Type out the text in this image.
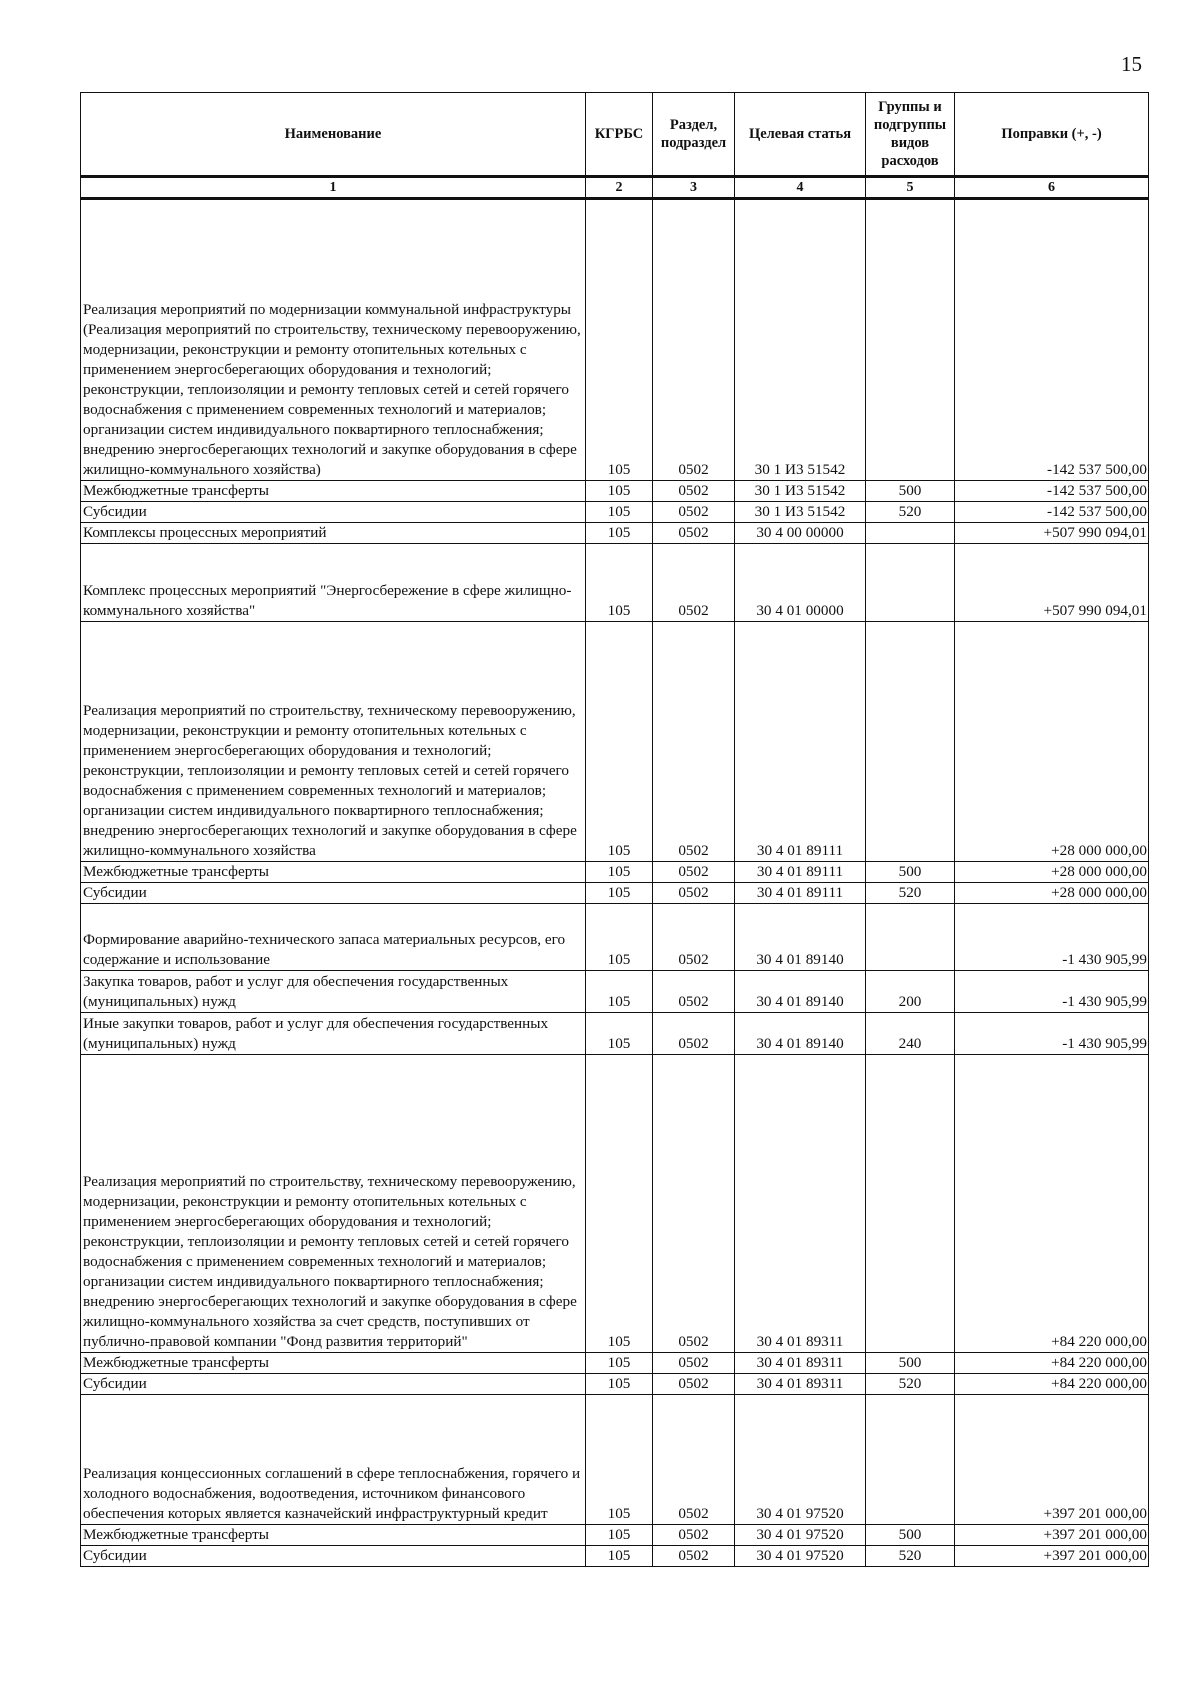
15
Наименование	КГРБС	Раздел, подраздел	Целевая статья	Группы и подгруппы видов расходов	Поправки (+, -)
1	2	3	4	5	6
Реализация мероприятий по модернизации коммунальной инфраструктуры (Реализация мероприятий по строительству, техническому перевооружению, модернизации, реконструкции и ремонту отопительных котельных с применением энергосберегающих оборудования и технологий; реконструкции, теплоизоляции и ремонту тепловых сетей и сетей горячего водоснабжения с применением современных технологий и материалов; организации систем индивидуального поквартирного теплоснабжения; внедрению энергосберегающих технологий и закупке оборудования в сфере жилищно-коммунального хозяйства)	105	0502	30 1 И3 51542		-142 537 500,00
Межбюджетные трансферты	105	0502	30 1 И3 51542	500	-142 537 500,00
Субсидии	105	0502	30 1 И3 51542	520	-142 537 500,00
Комплексы процессных мероприятий	105	0502	30 4 00 00000		+507 990 094,01
Комплекс процессных мероприятий "Энергосбережение в сфере жилищно-коммунального хозяйства"	105	0502	30 4 01 00000		+507 990 094,01
Реализация мероприятий по строительству, техническому перевооружению, модернизации, реконструкции и ремонту отопительных котельных с применением энергосберегающих оборудования и технологий; реконструкции, теплоизоляции и ремонту тепловых сетей и сетей горячего водоснабжения с применением современных технологий и материалов; организации систем индивидуального поквартирного теплоснабжения; внедрению энергосберегающих технологий и закупке оборудования в сфере жилищно-коммунального хозяйства	105	0502	30 4 01 89111		+28 000 000,00
Межбюджетные трансферты	105	0502	30 4 01 89111	500	+28 000 000,00
Субсидии	105	0502	30 4 01 89111	520	+28 000 000,00
Формирование аварийно-технического запаса материальных ресурсов, его содержание и использование	105	0502	30 4 01 89140		-1 430 905,99
Закупка товаров, работ и услуг для обеспечения государственных (муниципальных) нужд	105	0502	30 4 01 89140	200	-1 430 905,99
Иные закупки товаров, работ и услуг для обеспечения государственных (муниципальных) нужд	105	0502	30 4 01 89140	240	-1 430 905,99
Реализация мероприятий по строительству, техническому перевооружению, модернизации, реконструкции и ремонту отопительных котельных с применением энергосберегающих оборудования и технологий; реконструкции, теплоизоляции и ремонту тепловых сетей и сетей горячего водоснабжения с применением современных технологий и материалов; организации систем индивидуального поквартирного теплоснабжения; внедрению энергосберегающих технологий и закупке оборудования в сфере жилищно-коммунального хозяйства за счет средств, поступивших от публично-правовой компании "Фонд развития территорий"	105	0502	30 4 01 89311		+84 220 000,00
Межбюджетные трансферты	105	0502	30 4 01 89311	500	+84 220 000,00
Субсидии	105	0502	30 4 01 89311	520	+84 220 000,00
Реализация концессионных соглашений в сфере теплоснабжения, горячего и холодного водоснабжения, водоотведения, источником финансового обеспечения которых является казначейский инфраструктурный кредит	105	0502	30 4 01 97520		+397 201 000,00
Межбюджетные трансферты	105	0502	30 4 01 97520	500	+397 201 000,00
Субсидии	105	0502	30 4 01 97520	520	+397 201 000,00
